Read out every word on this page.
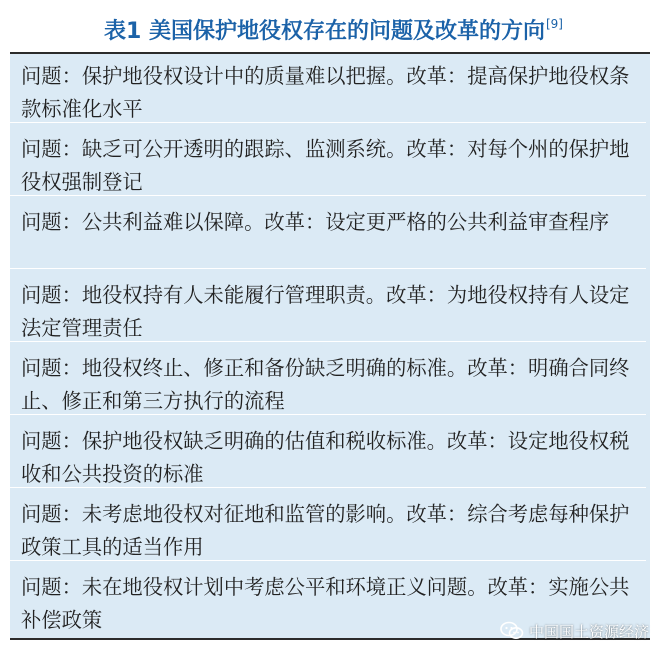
表1 美国保护地役权存在的问题及改革的方向[9]
问题：保护地役权设计中的质量难以把握。改革：提高保护地役权条款标准化水平
问题：缺乏可公开透明的跟踪、监测系统。改革：对每个州的保护地役权强制登记
问题：公共利益难以保障。改革：设定更严格的公共利益审查程序
问题：地役权持有人未能履行管理职责。改革：为地役权持有人设定法定管理责任
问题：地役权终止、修正和备份缺乏明确的标准。改革：明确合同终止、修正和第三方执行的流程
问题：保护地役权缺乏明确的估值和税收标准。改革：设定地役权税收和公共投资的标准
问题：未考虑地役权对征地和监管的影响。改革：综合考虑每种保护政策工具的适当作用
问题：未在地役权计划中考虑公平和环境正义问题。改革：实施公共补偿政策	中国国土资源经济
